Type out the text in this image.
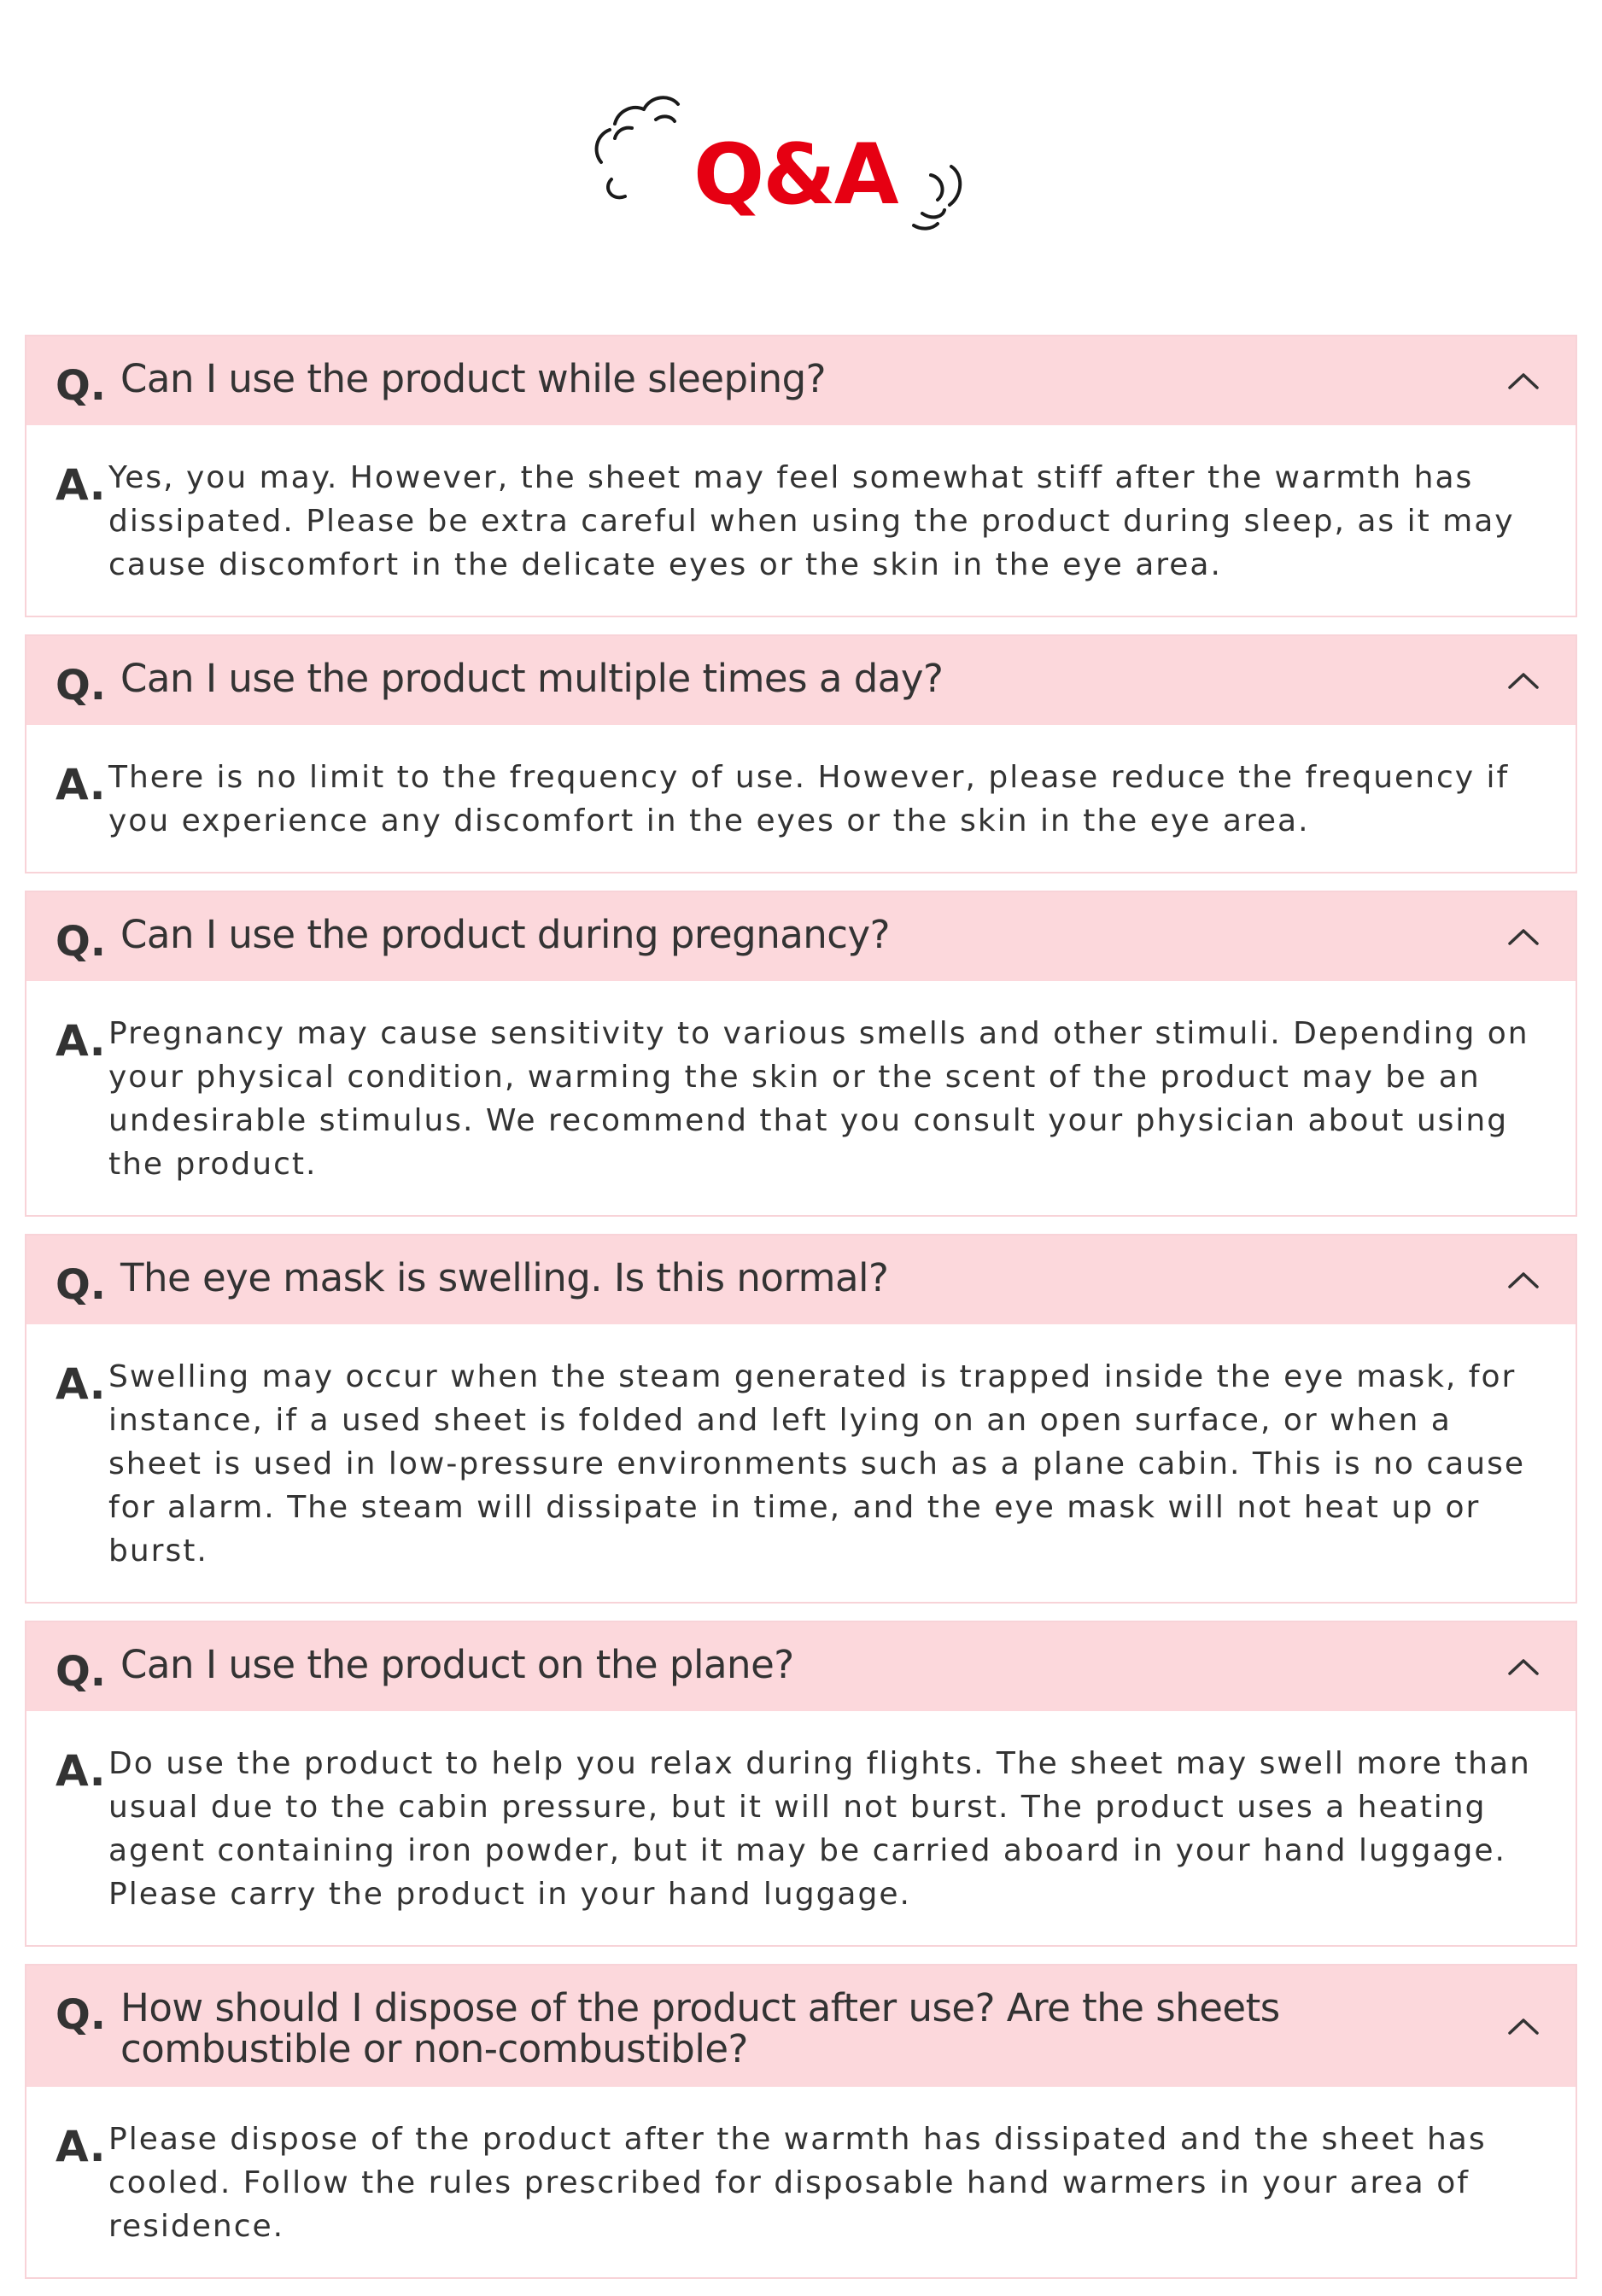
Q&A
Q. Can I use the product while sleeping?
A. Yes, you may. However, the sheet may feel somewhat stiff after the warmth has dissipated. Please be extra careful when using the product during sleep, as it may cause discomfort in the delicate eyes or the skin in the eye area.
Q. Can I use the product multiple times a day?
A. There is no limit to the frequency of use. However, please reduce the frequency if you experience any discomfort in the eyes or the skin in the eye area.
Q. Can I use the product during pregnancy?
A. Pregnancy may cause sensitivity to various smells and other stimuli. Depending on your physical condition, warming the skin or the scent of the product may be an undesirable stimulus. We recommend that you consult your physician about using the product.
Q. The eye mask is swelling. Is this normal?
A. Swelling may occur when the steam generated is trapped inside the eye mask, for instance, if a used sheet is folded and left lying on an open surface, or when a sheet is used in low-pressure environments such as a plane cabin. This is no cause for alarm. The steam will dissipate in time, and the eye mask will not heat up or burst.
Q. Can I use the product on the plane?
A. Do use the product to help you relax during flights. The sheet may swell more than usual due to the cabin pressure, but it will not burst. The product uses a heating agent containing iron powder, but it may be carried aboard in your hand luggage. Please carry the product in your hand luggage.
Q. How should I dispose of the product after use? Are the sheets combustible or non-combustible?
A. Please dispose of the product after the warmth has dissipated and the sheet has cooled. Follow the rules prescribed for disposable hand warmers in your area of residence.
